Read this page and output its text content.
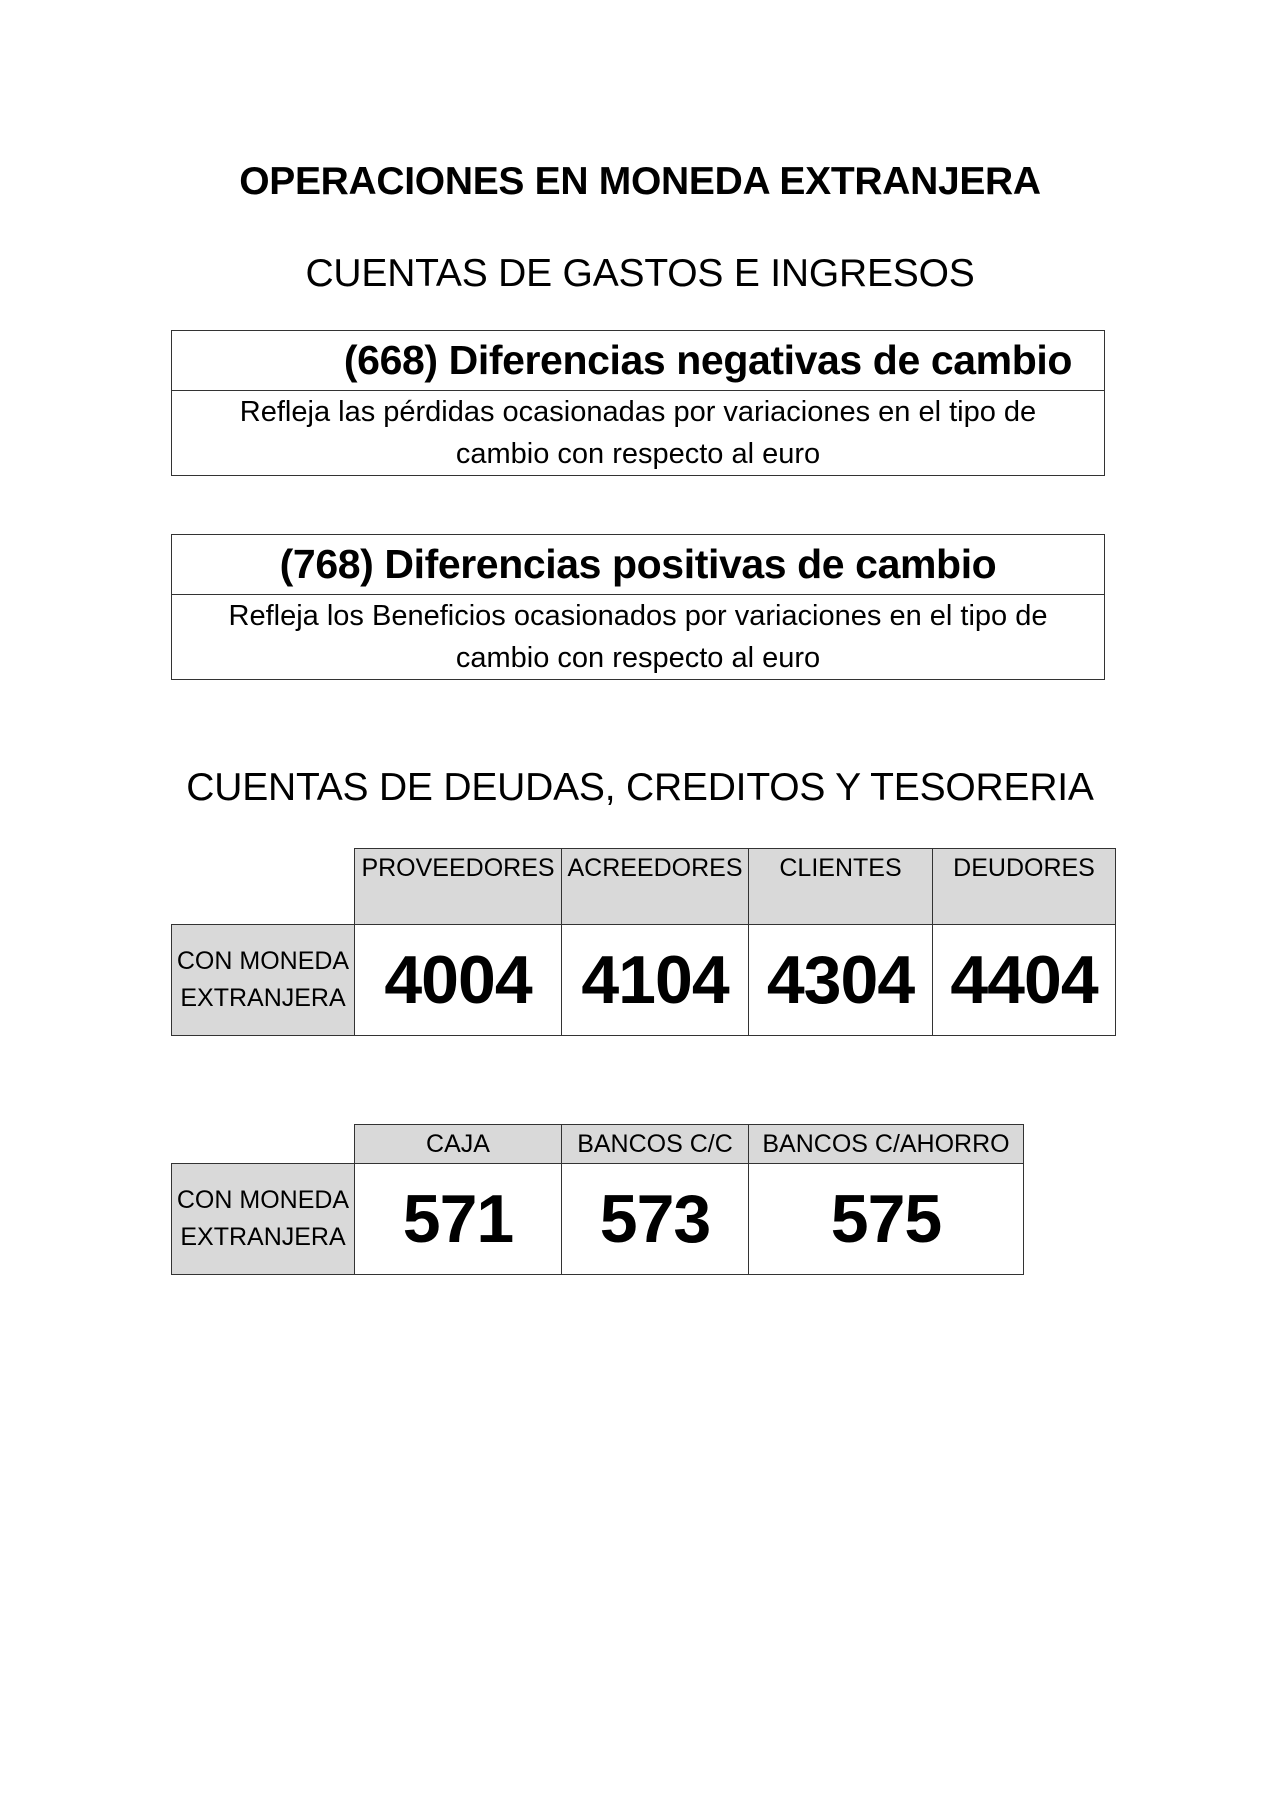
OPERACIONES EN MONEDA EXTRANJERA
CUENTAS DE GASTOS E INGRESOS
(668) Diferencias negativas de cambio
Refleja las pérdidas ocasionadas por variaciones en el tipo de cambio con respecto al euro
(768) Diferencias positivas de cambio
Refleja los Beneficios ocasionados por variaciones en el tipo de cambio con respecto al euro
CUENTAS DE DEUDAS, CREDITOS Y TESORERIA
	PROVEEDORES	ACREEDORES	CLIENTES	DEUDORES
CON MONEDA EXTRANJERA	4004	4104	4304	4404
	CAJA	BANCOS C/C	BANCOS C/AHORRO
CON MONEDA EXTRANJERA	571	573	575
